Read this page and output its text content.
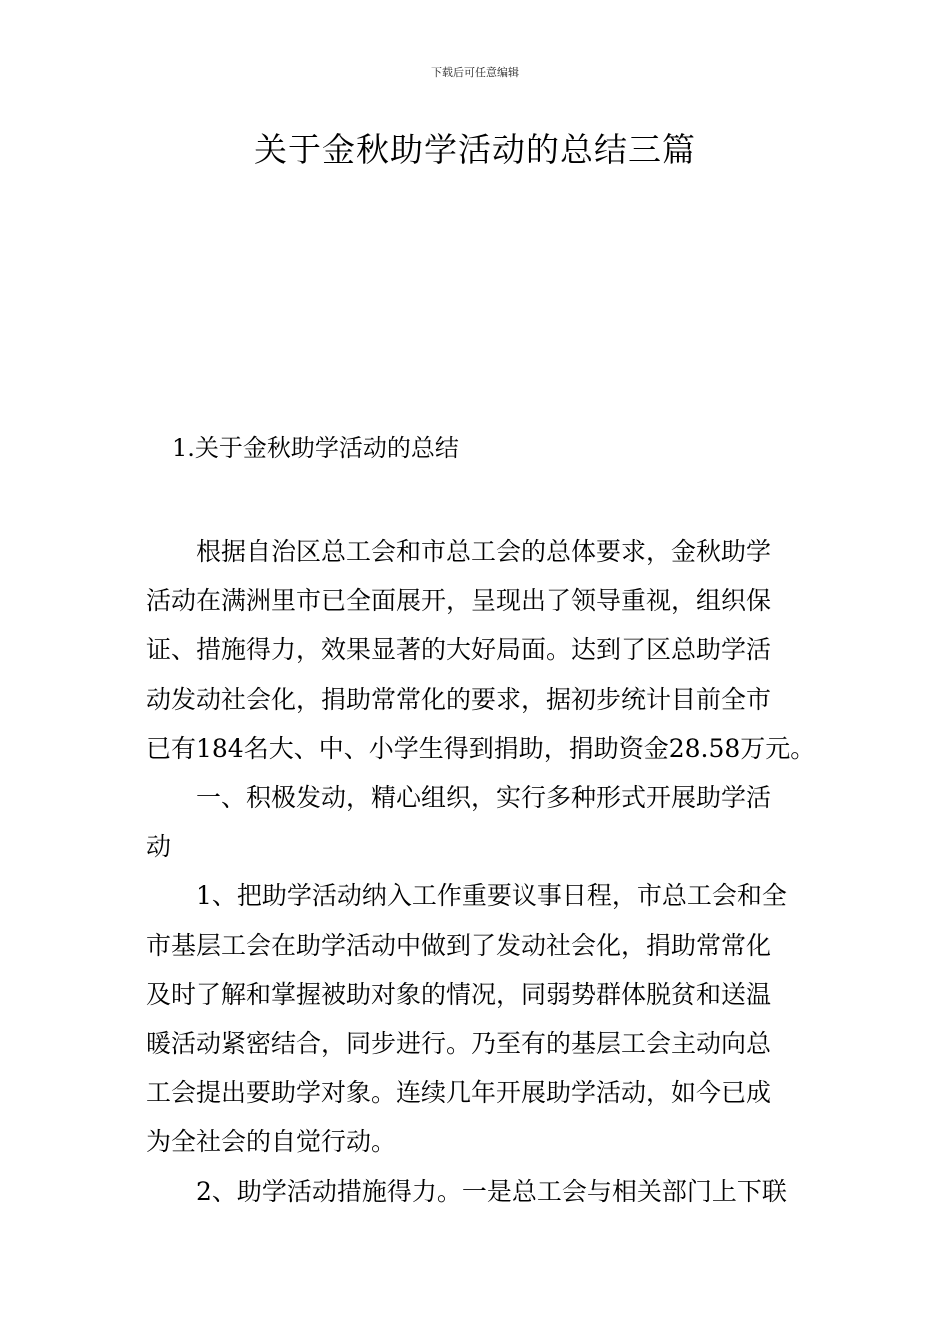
下载后可任意编辑
关于金秋助学活动的总结三篇
1.关于金秋助学活动的总结
根据自治区总工会和市总工会的总体要求，金秋助学
活动在满洲里市已全面展开，呈现出了领导重视，组织保
证、措施得力，效果显著的大好局面。达到了区总助学活
动发动社会化，捐助常常化的要求，据初步统计目前全市
已有184名大、中、小学生得到捐助，捐助资金28.58万元。
一、积极发动，精心组织，实行多种形式开展助学活
动
1、把助学活动纳入工作重要议事日程，市总工会和全
市基层工会在助学活动中做到了发动社会化，捐助常常化
及时了解和掌握被助对象的情况，同弱势群体脱贫和送温
暖活动紧密结合，同步进行。乃至有的基层工会主动向总
工会提出要助学对象。连续几年开展助学活动，如今已成
为全社会的自觉行动。
2、助学活动措施得力。一是总工会与相关部门上下联
